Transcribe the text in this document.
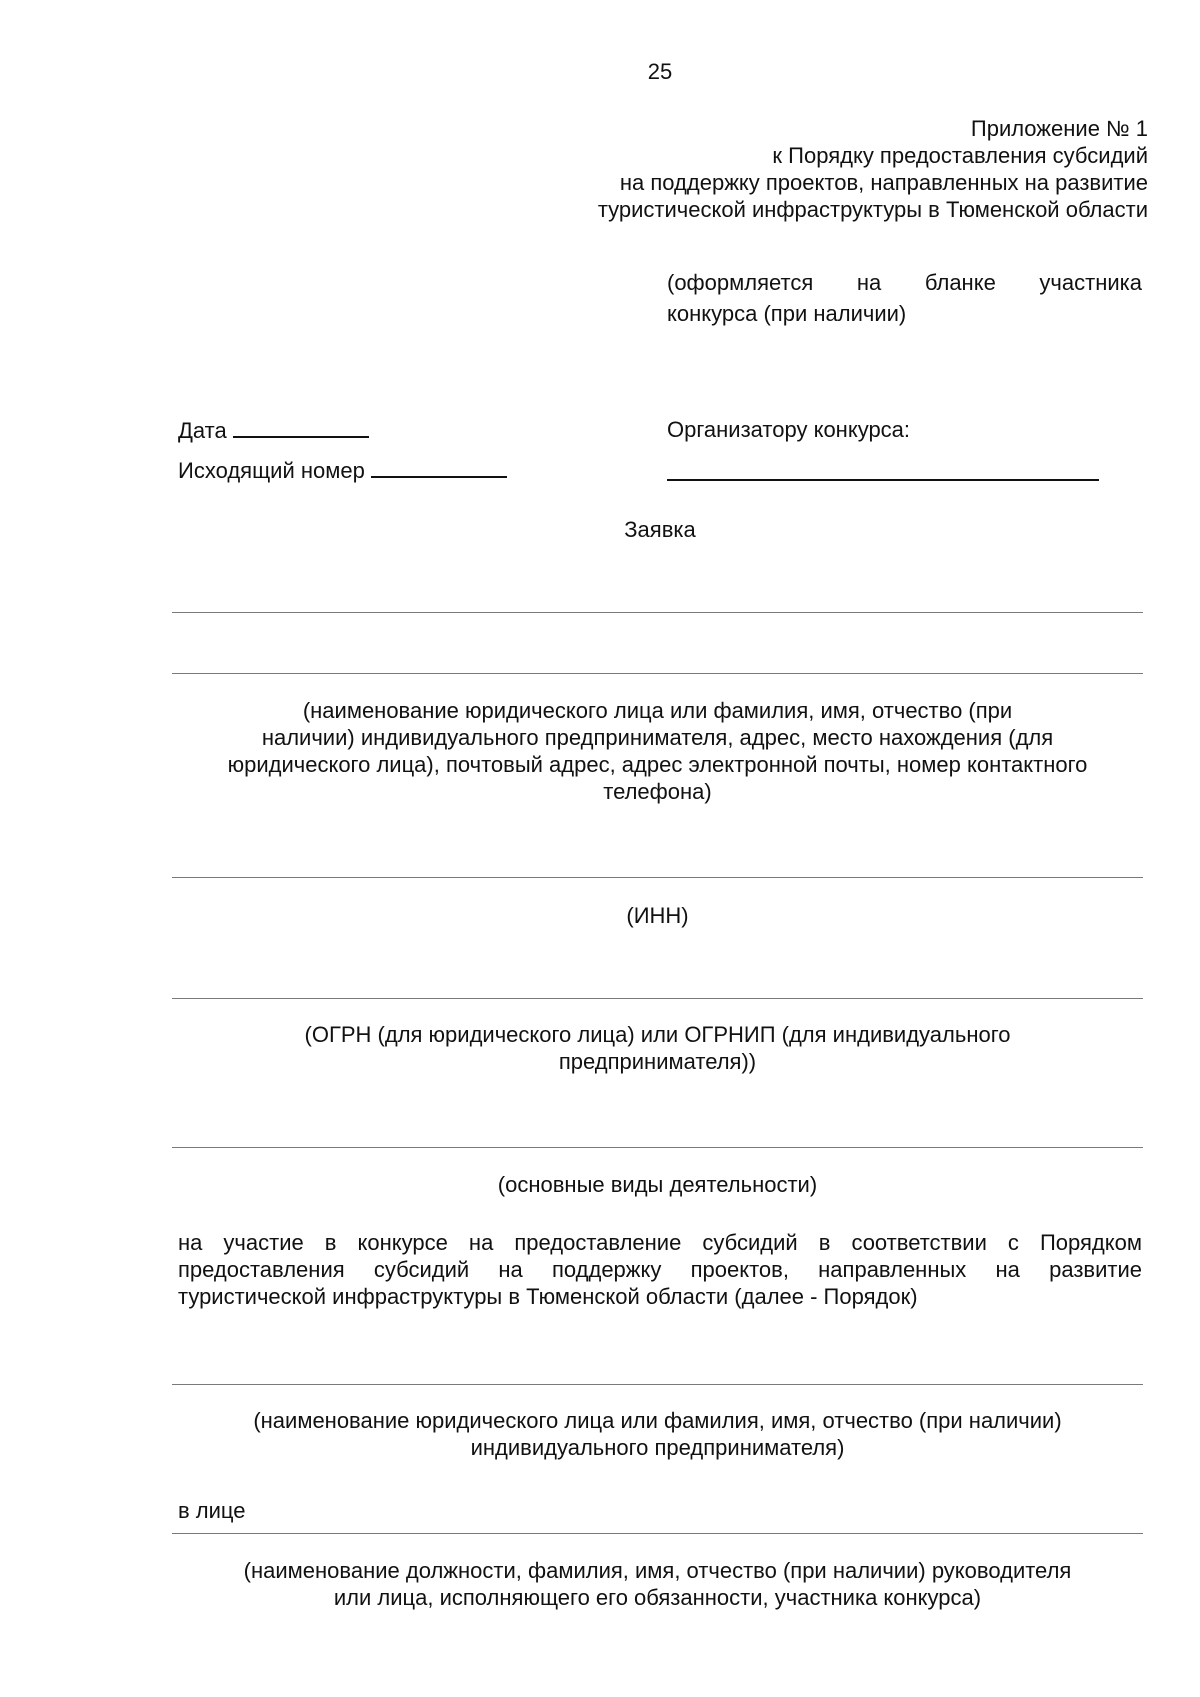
25
Приложение № 1
к Порядку предоставления субсидий
на поддержку проектов, направленных на развитие
туристической инфраструктуры в Тюменской области
(оформляется на бланке участника
конкурса (при наличии)
Дата
Исходящий номер
Организатору конкурса:
Заявка
(наименование юридического лица или фамилия, имя, отчество (при
наличии) индивидуального предпринимателя, адрес, место нахождения (для
юридического лица), почтовый адрес, адрес электронной почты, номер контактного
телефона)
(ИНН)
(ОГРН (для юридического лица) или ОГРНИП (для индивидуального
предпринимателя))
(основные виды деятельности)
на участие в конкурсе на предоставление субсидий в соответствии с Порядком
предоставления субсидий на поддержку проектов, направленных на развитие
туристической инфраструктуры в Тюменской области (далее - Порядок)
(наименование юридического лица или фамилия, имя, отчество (при наличии)
индивидуального предпринимателя)
в лице
(наименование должности, фамилия, имя, отчество (при наличии) руководителя
или лица, исполняющего его обязанности, участника конкурса)
